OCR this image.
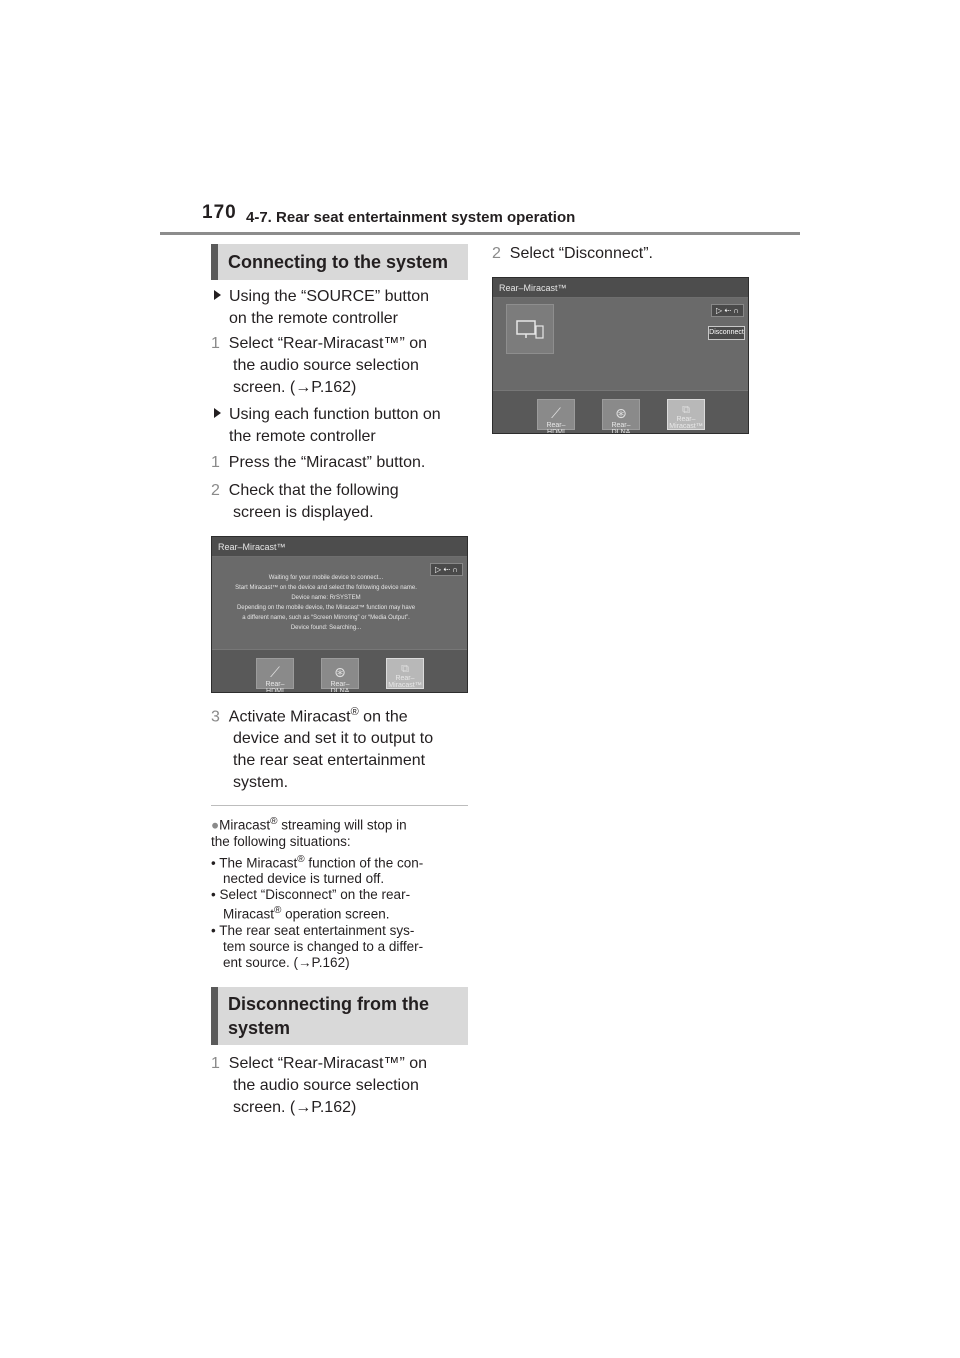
170 4-7. Rear seat entertainment system operation
Connecting to the system
Using the “SOURCE” button
on the remote controller
1 Select “Rear-Miracast™” on
the audio source selection
screen. (→P.162)
Using each function button on
the remote controller
1 Press the “Miracast” button.
2 Check that the following
screen is displayed.
Rear–Miracast™
▷ ⇠ ∩
Waiting for your mobile device to connect...
Start Miracast™ on the device and select the following device name.
Device name: RrSYSTEM
Depending on the mobile device, the Miracast™ function may have
a different name, such as “Screen Mirroring” or “Media Output”.
Device found: Searching...
⟋
Rear–HDMI
⊛
Rear–DLNA
⧉
Rear–Miracast™
3 Activate Miracast® on the
device and set it to output to
the rear seat entertainment
system.
●Miracast® streaming will stop in
the following situations:
• The Miracast® function of the con-
nected device is turned off.
• Select “Disconnect” on the rear-
Miracast® operation screen.
• The rear seat entertainment sys-
tem source is changed to a differ-
ent source. (→P.162)
Disconnecting from the
system
1 Select “Rear-Miracast™” on
the audio source selection
screen. (→P.162)
2 Select “Disconnect”.
Rear–Miracast™
▷ ⇠ ∩
Disconnect
⟋
Rear–HDMI
⊛
Rear–DLNA
⧉
Rear–Miracast™
